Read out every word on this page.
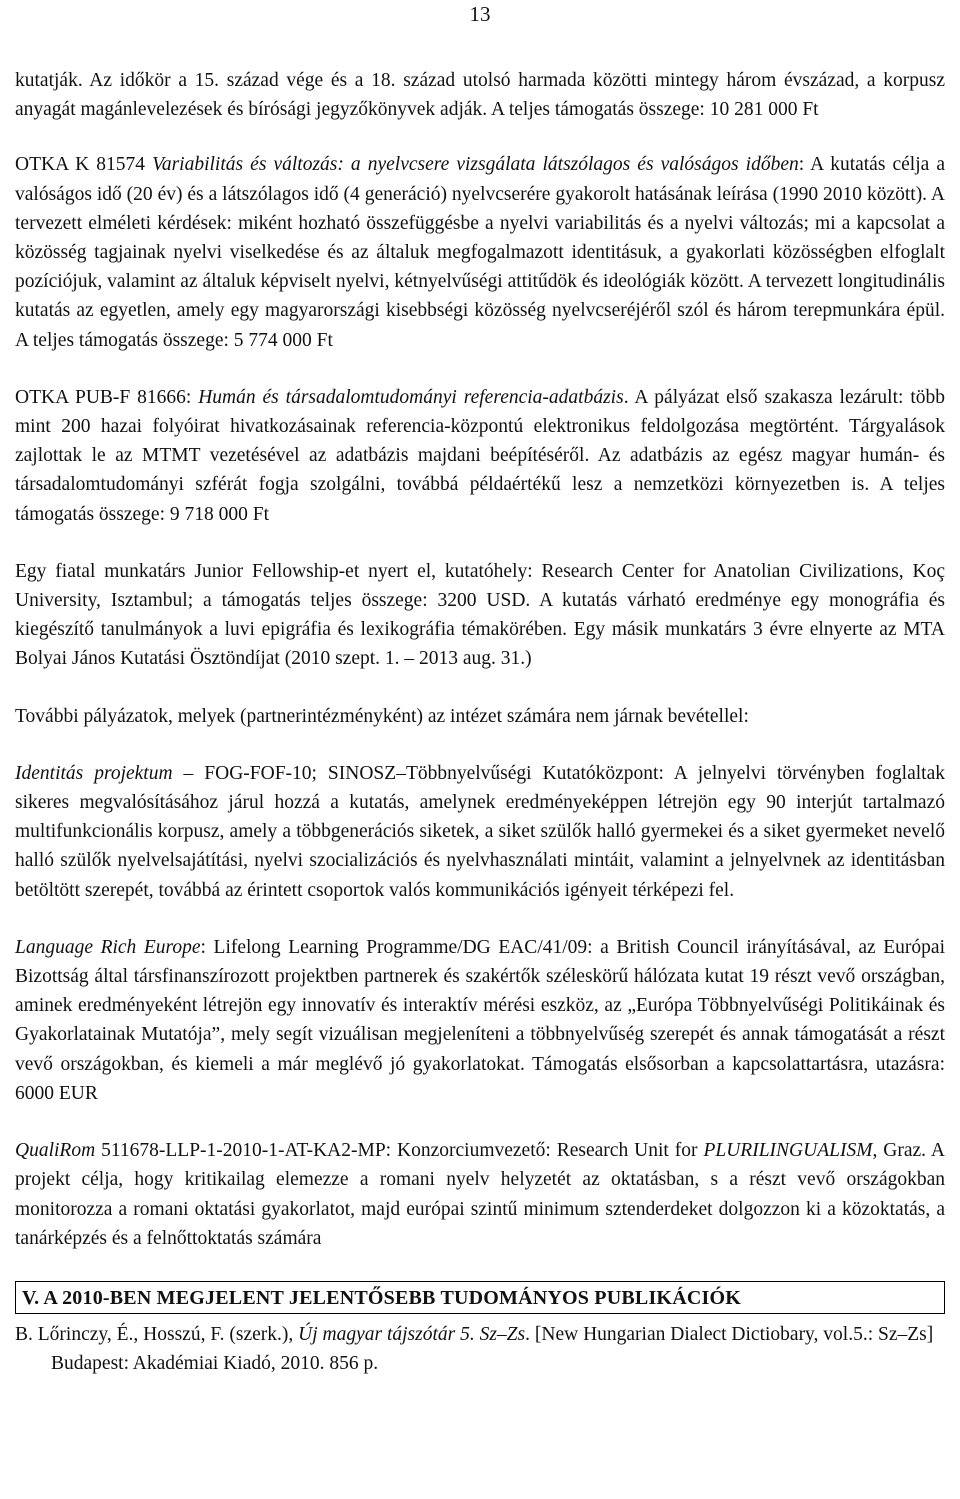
13

kutatják. Az időkör a 15. század vége és a 18. század utolsó harmada közötti mintegy három évszázad, a korpusz anyagát magánlevelezések és bírósági jegyzőkönyvek adják. A teljes támogatás összege: 10 281 000 Ft

OTKA K 81574 Variabilitás és változás: a nyelvcsere vizsgálata látszólagos és valóságos időben: A kutatás célja a valóságos idő (20 év) és a látszólagos idő (4 generáció) nyelvcserére gyakorolt hatásának leírása (1990 2010 között). A tervezett elméleti kérdések: miként hozható összefüggésbe a nyelvi variabilitás és a nyelvi változás; mi a kapcsolat a közösség tagjainak nyelvi viselkedése és az általuk megfogalmazott identitásuk, a gyakorlati közösségben elfoglalt pozíciójuk, valamint az általuk képviselt nyelvi, kétnyelvűségi attitűdök és ideológiák között. A tervezett longitudinális kutatás az egyetlen, amely egy magyarországi kisebbségi közösség nyelvcseréjéről szól és három terepmunkára épül. A teljes támogatás összege: 5 774 000 Ft

OTKA PUB-F 81666: Humán és társadalomtudományi referencia-adatbázis. A pályázat első szakasza lezárult: több mint 200 hazai folyóirat hivatkozásainak referencia-központú elektronikus feldolgozása megtörtént. Tárgyalások zajlottak le az MTMT vezetésével az adatbázis majdani beépítéséről. Az adatbázis az egész magyar humán- és társadalomtudományi szférát fogja szolgálni, továbbá példaértékű lesz a nemzetközi környezetben is. A teljes támogatás összege: 9 718 000 Ft

Egy fiatal munkatárs Junior Fellowship-et nyert el, kutatóhely: Research Center for Anatolian Civilizations, Koç University, Isztambul; a támogatás teljes összege: 3200 USD. A kutatás várható eredménye egy monográfia és kiegészítő tanulmányok a luvi epigráfia és lexikográfia témakörében. Egy másik munkatárs 3 évre elnyerte az MTA Bolyai János Kutatási Ösztöndíjat (2010 szept. 1. – 2013 aug. 31.)

További pályázatok, melyek (partnerintézményként) az intézet számára nem járnak bevétellel:

Identitás projektum – FOG-FOF-10; SINOSZ–Többnyelvűségi Kutatóközpont: A jelnyelvi törvényben foglaltak sikeres megvalósításához járul hozzá a kutatás, amelynek eredményeképpen létrejön egy 90 interjút tartalmazó multifunkcionális korpusz, amely a többgenerációs siketek, a siket szülők halló gyermekei és a siket gyermeket nevelő halló szülők nyelvelsajátítási, nyelvi szocializációs és nyelvhasználati mintáit, valamint a jelnyelvnek az identitásban betöltött szerepét, továbbá az érintett csoportok valós kommunikációs igényeit térképezi fel.

Language Rich Europe: Lifelong Learning Programme/DG EAC/41/09: a British Council irányításával, az Európai Bizottság által társfinanszírozott projektben partnerek és szakértők széleskörű hálózata kutat 19 részt vevő országban, aminek eredményeként létrejön egy innovatív és interaktív mérési eszköz, az „Európa Többnyelvűségi Politikáinak és Gyakorlatainak Mutatója”, mely segít vizuálisan megjeleníteni a többnyelvűség szerepét és annak támogatását a részt vevő országokban, és kiemeli a már meglévő jó gyakorlatokat. Támogatás elsősorban a kapcsolattartásra, utazásra: 6000 EUR

QualiRom 511678-LLP-1-2010-1-AT-KA2-MP: Konzorciumvezető: Research Unit for PLURILINGUALISM, Graz. A projekt célja, hogy kritikailag elemezze a romani nyelv helyzetét az oktatásban, s a részt vevő országokban monitorozza a romani oktatási gyakorlatot, majd európai szintű minimum sztenderdeket dolgozzon ki a közoktatás, a tanárképzés és a felnőttoktatás számára

V. A 2010-BEN MEGJELENT JELENTŐSEBB TUDOMÁNYOS PUBLIKÁCIÓK

B. Lőrinczy, É., Hosszú, F. (szerk.), Új magyar tájszótár 5. Sz–Zs. [New Hungarian Dialect Dictiobary, vol.5.: Sz–Zs] Budapest: Akadémiai Kiadó, 2010. 856 p.
